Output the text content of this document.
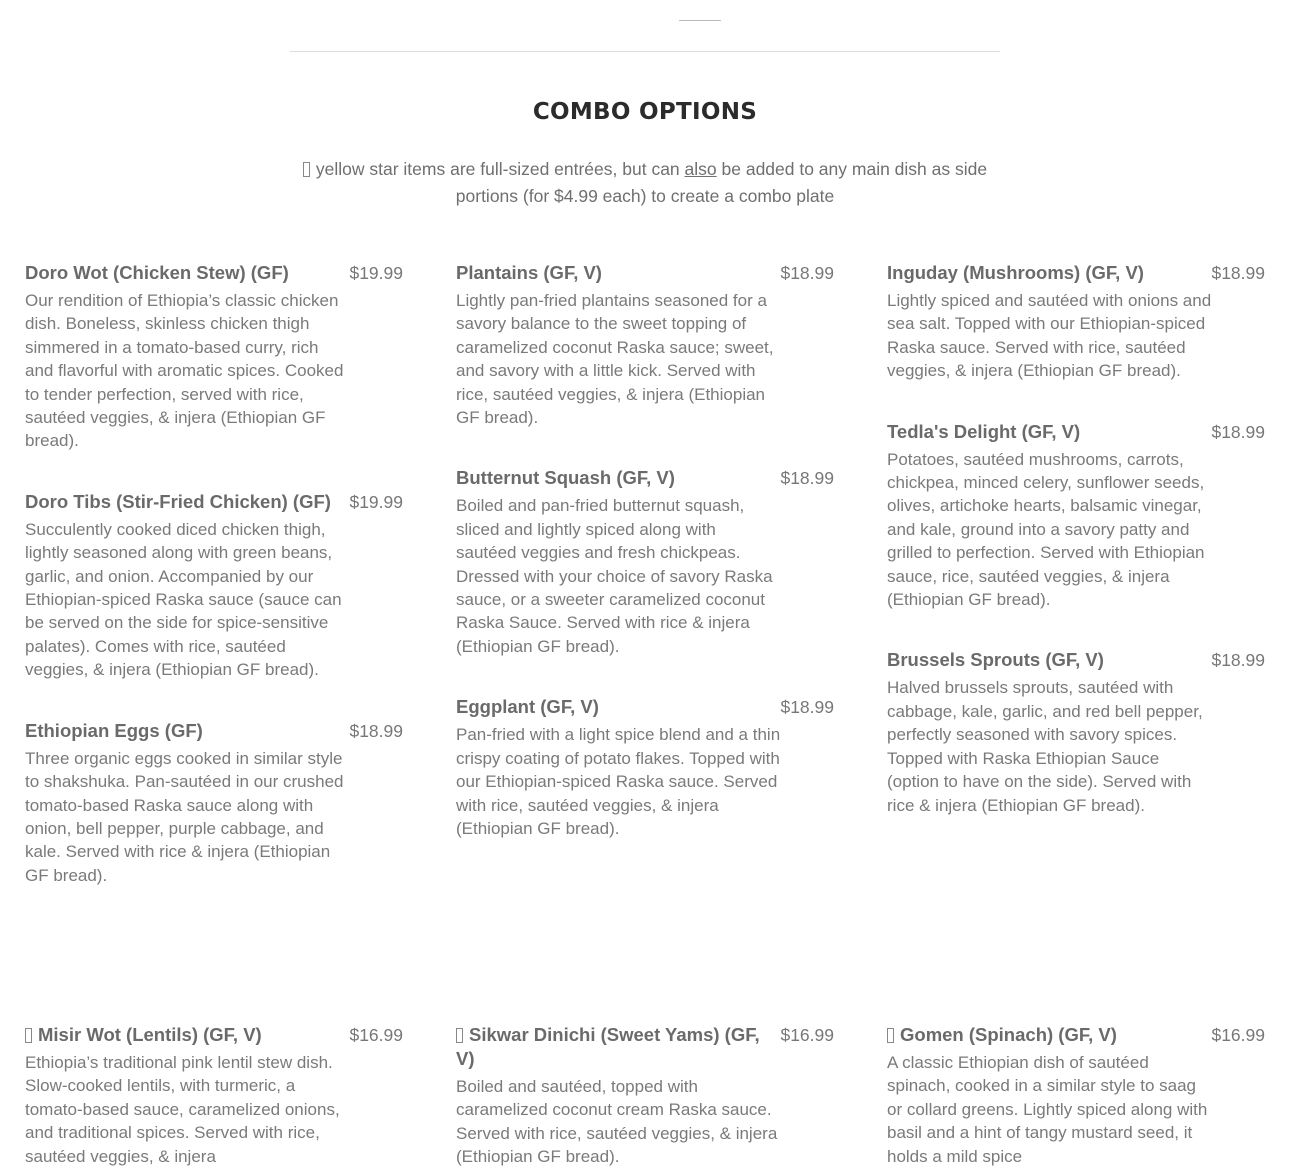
COMBO OPTIONS
yellow star items are full-sized entrées, but can also be added to any main dish as side portions (for $4.99 each) to create a combo plate
Doro Wot (Chicken Stew) (GF)	$19.99
Our rendition of Ethiopia’s classic chicken dish. Boneless, skinless chicken thigh simmered in a tomato-based curry, rich and flavorful with aromatic spices. Cooked to tender perfection, served with rice, sautéed veggies, & injera (Ethiopian GF bread).
Doro Tibs (Stir-Fried Chicken) (GF)	$19.99
Succulently cooked diced chicken thigh, lightly seasoned along with green beans, garlic, and onion. Accompanied by our Ethiopian-spiced Raska sauce (sauce can be served on the side for spice-sensitive palates). Comes with rice, sautéed veggies, & injera (Ethiopian GF bread).
Ethiopian Eggs (GF)	$18.99
Three organic eggs cooked in similar style to shakshuka. Pan-sautéed in our crushed tomato-based Raska sauce along with onion, bell pepper, purple cabbage, and kale. Served with rice & injera (Ethiopian GF bread).
Plantains (GF, V)	$18.99
Lightly pan-fried plantains seasoned for a savory balance to the sweet topping of caramelized coconut Raska sauce; sweet, and savory with a little kick. Served with rice, sautéed veggies, & injera (Ethiopian GF bread).
Butternut Squash (GF, V)	$18.99
Boiled and pan-fried butternut squash, sliced and lightly spiced along with sautéed veggies and fresh chickpeas. Dressed with your choice of savory Raska sauce, or a sweeter caramelized coconut Raska Sauce. Served with rice & injera (Ethiopian GF bread).
Eggplant (GF, V)	$18.99
Pan-fried with a light spice blend and a thin crispy coating of potato flakes. Topped with our Ethiopian-spiced Raska sauce. Served with rice, sautéed veggies, & injera (Ethiopian GF bread).
Inguday (Mushrooms) (GF, V)	$18.99
Lightly spiced and sautéed with onions and sea salt. Topped with our Ethiopian-spiced Raska sauce. Served with rice, sautéed veggies, & injera (Ethiopian GF bread).
Tedla's Delight (GF, V)	$18.99
Potatoes, sautéed mushrooms, carrots, chickpea, minced celery, sunflower seeds, olives, artichoke hearts, balsamic vinegar, and kale, ground into a savory patty and grilled to perfection. Served with Ethiopian sauce, rice, sautéed veggies, & injera (Ethiopian GF bread).
Brussels Sprouts (GF, V)	$18.99
Halved brussels sprouts, sautéed with cabbage, kale, garlic, and red bell pepper, perfectly seasoned with savory spices. Topped with Raska Ethiopian Sauce (option to have on the side). Served with rice & injera (Ethiopian GF bread).
Misir Wot (Lentils) (GF, V)	$16.99
Ethiopia’s traditional pink lentil stew dish. Slow-cooked lentils, with turmeric, a tomato-based sauce, caramelized onions, and traditional spices. Served with rice, sautéed veggies, & injera
Sikwar Dinichi (Sweet Yams) (GF, V)
$16.99
Boiled and sautéed, topped with caramelized coconut cream Raska sauce. Served with rice, sautéed veggies, & injera (Ethiopian GF bread).
Gomen (Spinach) (GF, V)	$16.99
A classic Ethiopian dish of sautéed spinach, cooked in a similar style to saag or collard greens. Lightly spiced along with basil and a hint of tangy mustard seed, it holds a mild spice
